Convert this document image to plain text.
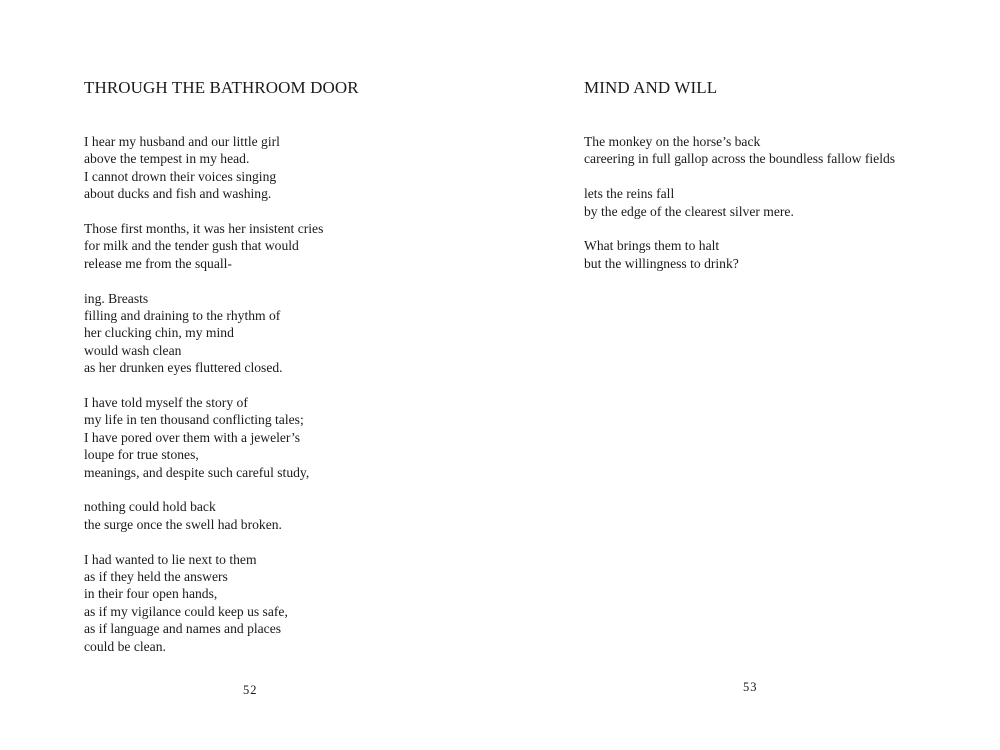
THROUGH THE BATHROOM DOOR
I hear my husband and our little girl
above the tempest in my head.
I cannot drown their voices singing
about ducks and fish and washing.
Those first months, it was her insistent cries
for milk and the tender gush that would
release me from the squall-
ing. Breasts
filling and draining to the rhythm of
her clucking chin, my mind
would wash clean
as her drunken eyes fluttered closed.
I have told myself the story of
my life in ten thousand conflicting tales;
I have pored over them with a jeweler’s
loupe for true stones,
meanings, and despite such careful study,
nothing could hold back
the surge once the swell had broken.
I had wanted to lie next to them
as if they held the answers
in their four open hands,
as if my vigilance could keep us safe,
as if language and names and places
could be clean.
52
MIND AND WILL
The monkey on the horse’s back
careering in full gallop across the boundless fallow fields
lets the reins fall
by the edge of the clearest silver mere.
What brings them to halt
but the willingness to drink?
53
